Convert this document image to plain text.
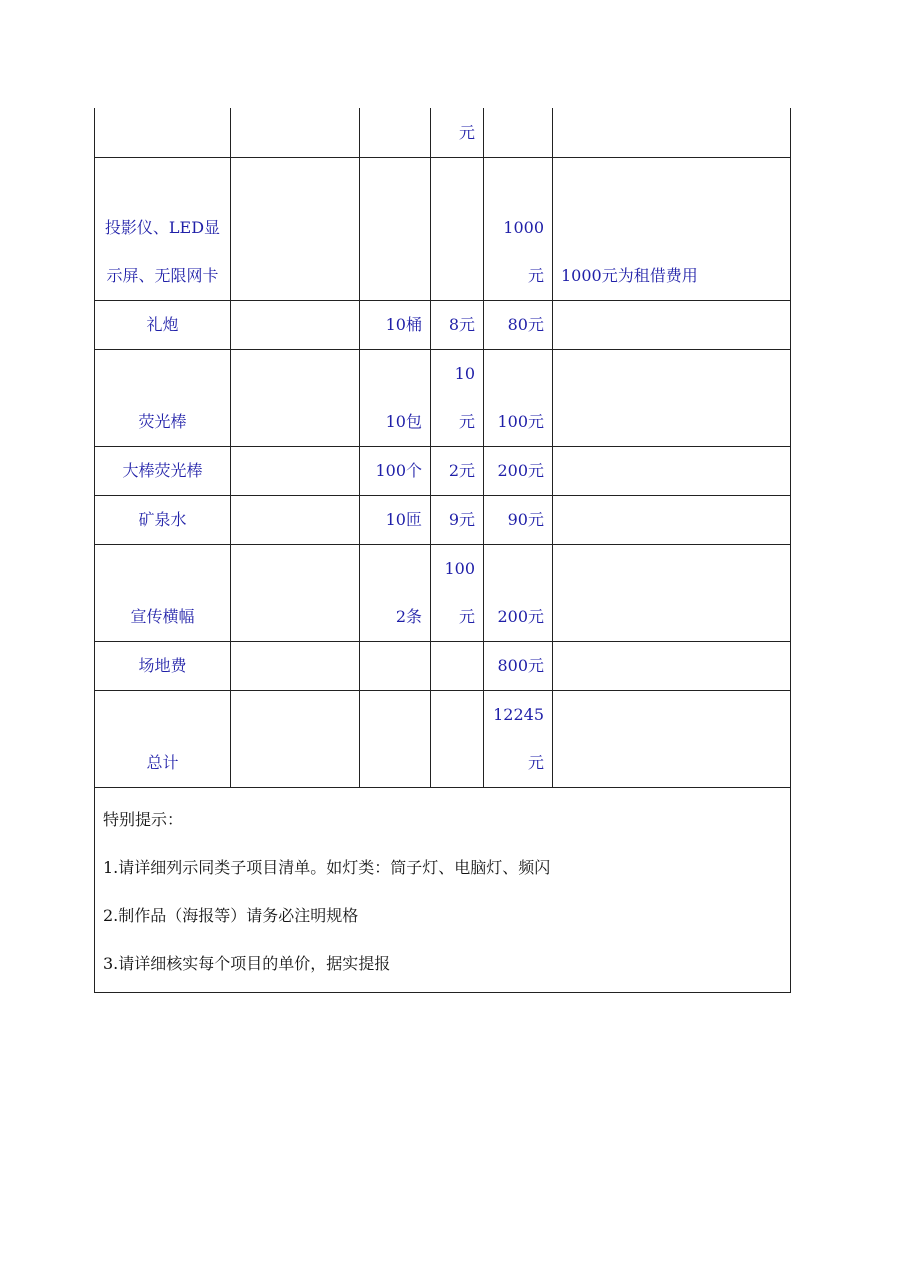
			元		
投影仪、LED显示屏、无限网卡				1000元	1000元为租借费用
礼炮		10桶	8元	80元	
荧光棒		10包	10元	100元	
大棒荧光棒		100个	2元	200元	
矿泉水		10匝	9元	90元	
宣传横幅		2条	100元	200元	
场地费				800元	
总计				12245元	

特别提示：
1.请详细列示同类子项目清单。如灯类：筒子灯、电脑灯、频闪
2.制作品（海报等）请务必注明规格
3.请详细核实每个项目的单价，据实提报					
